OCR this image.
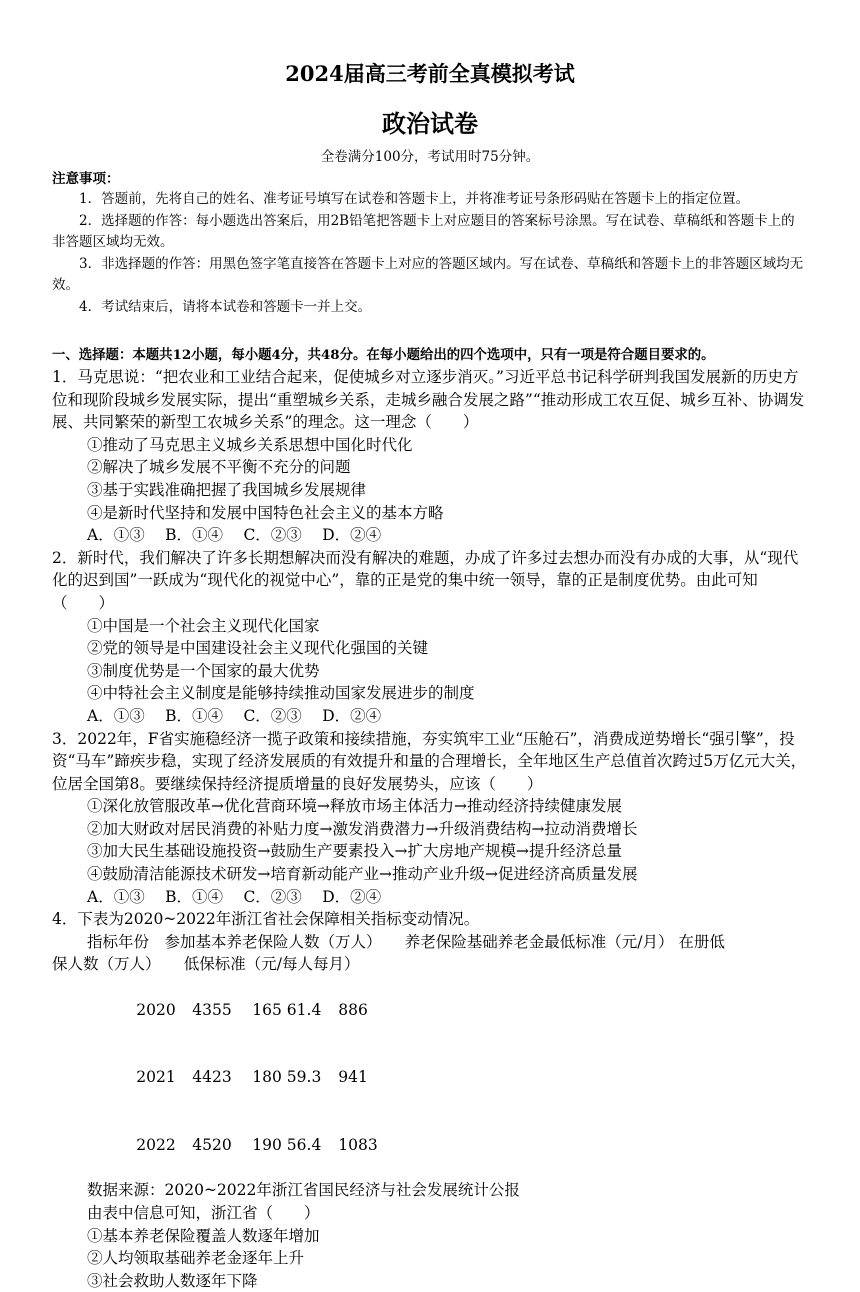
2024届高三考前全真模拟考试
政治试卷
全卷满分100分，考试用时75分钟。
注意事项：

1．答题前，先将自己的姓名、准考证号填写在试卷和答题卡上，并将准考证号条形码贴在答题卡上的指定位置。

2．选择题的作答：每小题选出答案后，用2B铅笔把答题卡上对应题目的答案标号涂黑。写在试卷、草稿纸和答题卡上的非答题区域均无效。

3．非选择题的作答：用黑色签字笔直接答在答题卡上对应的答题区域内。写在试卷、草稿纸和答题卡上的非答题区域均无效。

4．考试结束后，请将本试卷和答题卡一并上交。

一、选择题：本题共12小题，每小题4分，共48分。在每小题给出的四个选项中，只有一项是符合题目要求的。

1．马克思说：“把农业和工业结合起来，促使城乡对立逐步消灭。”习近平总书记科学研判我国发展新的历史方位和现阶段城乡发展实际，提出“重塑城乡关系，走城乡融合发展之路”“推动形成工农互促、城乡互补、协调发展、共同繁荣的新型工农城乡关系”的理念。这一理念（　　）

①推动了马克思主义城乡关系思想中国化时代化

②解决了城乡发展不平衡不充分的问题

③基于实践准确把握了我国城乡发展规律

④是新时代坚持和发展中国特色社会主义的基本方略

A．①③　 B．①④　 C．②③　 D．②④

2．新时代，我们解决了许多长期想解决而没有解决的难题，办成了许多过去想办而没有办成的大事，从“现代化的迟到国”一跃成为“现代化的视觉中心”，靠的正是党的集中统一领导，靠的正是制度优势。由此可知（　　）

①中国是一个社会主义现代化国家

②党的领导是中国建设社会主义现代化强国的关键

③制度优势是一个国家的最大优势

④中特社会主义制度是能够持续推动国家发展进步的制度

A．①③　 B．①④　 C．②③　 D．②④

3．2022年，F省实施稳经济一揽子政策和接续措施，夯实筑牢工业“压舱石”，消费成逆势增长“强引擎”，投资“马车”蹄疾步稳，实现了经济发展质的有效提升和量的合理增长，全年地区生产总值首次跨过5万亿元大关，位居全国第8。要继续保持经济提质增量的良好发展势头，应该（　　）

①深化放管服改革→优化营商环境→释放市场主体活力→推动经济持续健康发展

②加大财政对居民消费的补贴力度→激发消费潜力→升级消费结构→拉动消费增长

③加大民生基础设施投资→鼓励生产要素投入→扩大房地产规模→提升经济总量

④鼓励清洁能源技术研发→培育新动能产业→推动产业升级→促进经济高质量发展

A．①③　 B．①④　 C．②③　 D．②④

4．下表为2020~2022年浙江省社会保障相关指标变动情况。

指标年份　参加基本养老保险人数（万人）　　养老保险基础养老金最低标准（元/月） 在册低

保人数（万人）　　低保标准（元/每人每月）

2020 4355 165 61.4 886

2021 4423 180 59.3 941

2022 4520 190 56.4 1083

数据来源：2020~2022年浙江省国民经济与社会发展统计公报

由表中信息可知，浙江省（　　）

①基本养老保险覆盖人数逐年增加

②人均领取基础养老金逐年上升

③社会救助人数逐年下降
